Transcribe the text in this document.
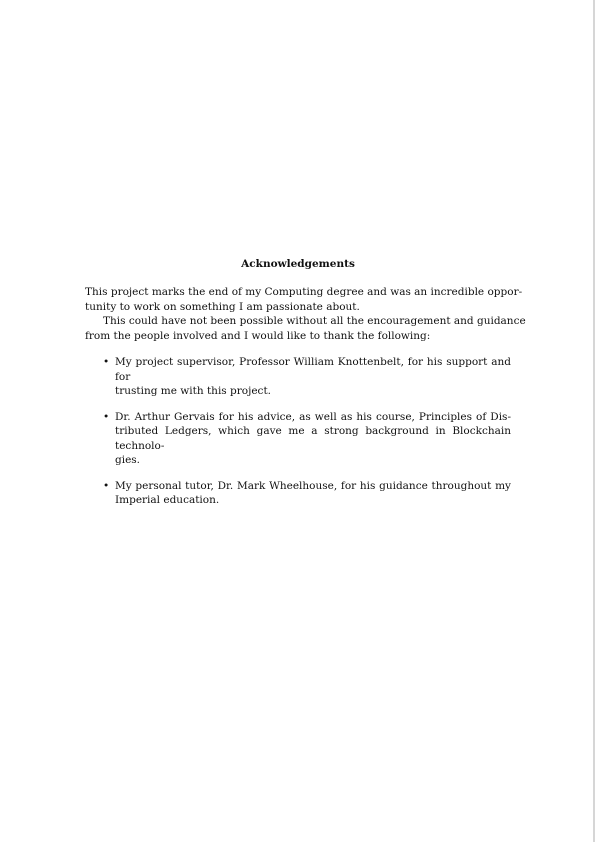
Acknowledgements

This project marks the end of my Computing degree and was an incredible oppor-
tunity to work on something I am passionate about.

This could have not been possible without all the encouragement and guidance
from the people involved and I would like to thank the following:

• My project supervisor, Professor William Knottenbelt, for his support and for
trusting me with this project.
• Dr. Arthur Gervais for his advice, as well as his course, Principles of Dis-
tributed Ledgers, which gave me a strong background in Blockchain technolo-
gies.
• My personal tutor, Dr. Mark Wheelhouse, for his guidance throughout my
Imperial education.
